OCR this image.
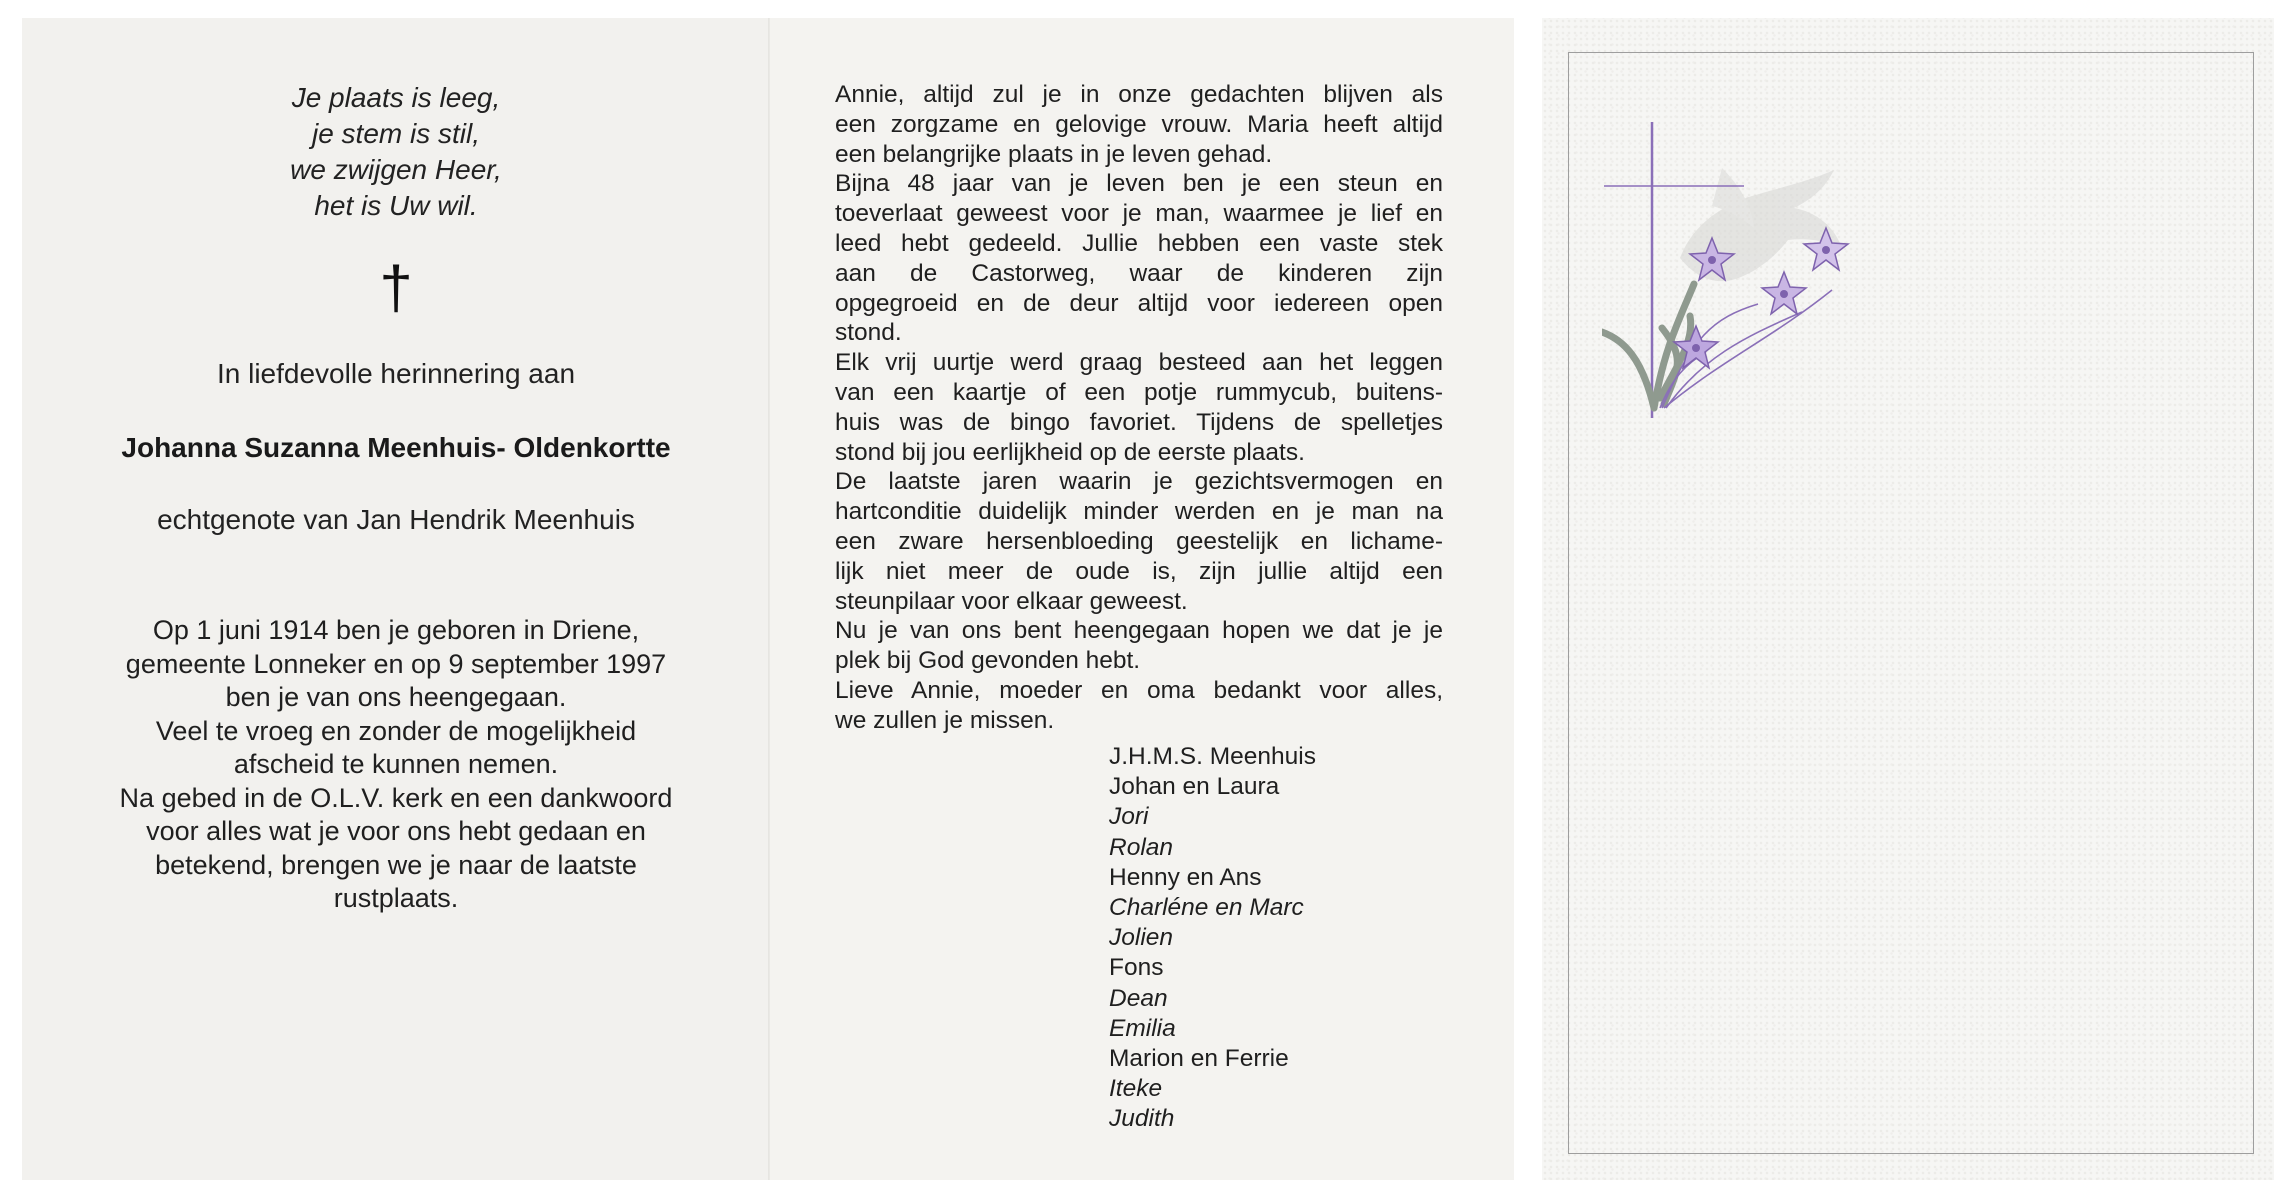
Je plaats is leeg,
je stem is stil,
we zwijgen Heer,
het is Uw wil.
†
In liefdevolle herinnering aan
Johanna Suzanna Meenhuis- Oldenkortte
echtgenote van Jan Hendrik Meenhuis
Op 1 juni 1914 ben je geboren in Driene,
gemeente Lonneker en op 9 september 1997
ben je van ons heengegaan.
Veel te vroeg en zonder de mogelijkheid
afscheid te kunnen nemen.
Na gebed in de O.L.V. kerk en een dankwoord
voor alles wat je voor ons hebt gedaan en
betekend, brengen we je naar de laatste
rustplaats.
Annie, altijd zul je in onze gedachten blijven als
een zorgzame en gelovige vrouw. Maria heeft altijd
een belangrijke plaats in je leven gehad.
Bijna 48 jaar van je leven ben je een steun en
toeverlaat geweest voor je man, waarmee je lief en
leed hebt gedeeld. Jullie hebben een vaste stek
aan de Castorweg, waar de kinderen zijn
opgegroeid en de deur altijd voor iedereen open
stond.
Elk vrij uurtje werd graag besteed aan het leggen
van een kaartje of een potje rummycub, buitens-
huis was de bingo favoriet. Tijdens de spelletjes
stond bij jou eerlijkheid op de eerste plaats.
De laatste jaren waarin je gezichtsvermogen en
hartconditie duidelijk minder werden en je man na
een zware hersenbloeding geestelijk en lichame-
lijk niet meer de oude is, zijn jullie altijd een
steunpilaar voor elkaar geweest.
Nu je van ons bent heengegaan hopen we dat je je
plek bij God gevonden hebt.
Lieve Annie, moeder en oma bedankt voor alles,
we zullen je missen.
J.H.M.S. Meenhuis
Johan en Laura
Jori
Rolan
Henny en Ans
Charléne en Marc
Jolien
Fons
Dean
Emilia
Marion en Ferrie
Iteke
Judith
